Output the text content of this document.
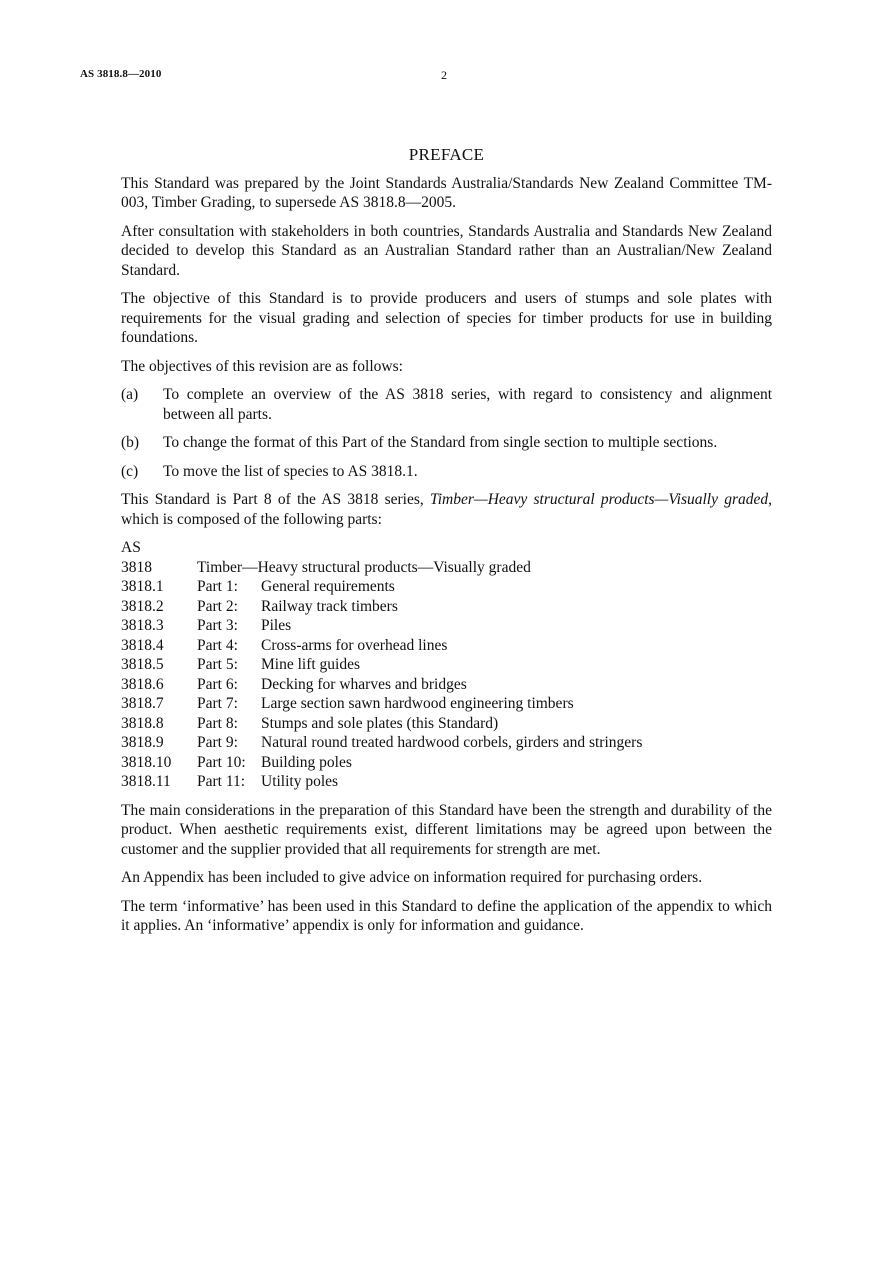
AS 3818.8—2010	2
PREFACE

This Standard was prepared by the Joint Standards Australia/Standards New Zealand Committee TM-003, Timber Grading, to supersede AS 3818.8—2005.

After consultation with stakeholders in both countries, Standards Australia and Standards New Zealand decided to develop this Standard as an Australian Standard rather than an Australian/New Zealand Standard.

The objective of this Standard is to provide producers and users of stumps and sole plates with requirements for the visual grading and selection of species for timber products for use in building foundations.

The objectives of this revision are as follows:

(a)	To complete an overview of the AS 3818 series, with regard to consistency and alignment between all parts.
(b)	To change the format of this Part of the Standard from single section to multiple sections.
(c)	To move the list of species to AS 3818.1.

This Standard is Part 8 of the AS 3818 series, Timber—Heavy structural products—Visually graded, which is composed of the following parts:

AS
3818	Timber—Heavy structural products—Visually graded
3818.1	Part 1:	General requirements
3818.2	Part 2:	Railway track timbers
3818.3	Part 3:	Piles
3818.4	Part 4:	Cross-arms for overhead lines
3818.5	Part 5:	Mine lift guides
3818.6	Part 6:	Decking for wharves and bridges
3818.7	Part 7:	Large section sawn hardwood engineering timbers
3818.8	Part 8:	Stumps and sole plates (this Standard)
3818.9	Part 9:	Natural round treated hardwood corbels, girders and stringers
3818.10	Part 10: Building poles
3818.11	Part 11:	Utility poles

The main considerations in the preparation of this Standard have been the strength and durability of the product. When aesthetic requirements exist, different limitations may be agreed upon between the customer and the supplier provided that all requirements for strength are met.

An Appendix has been included to give advice on information required for purchasing orders.

The term ‘informative’ has been used in this Standard to define the application of the appendix to which it applies. An ‘informative’ appendix is only for information and guidance.
